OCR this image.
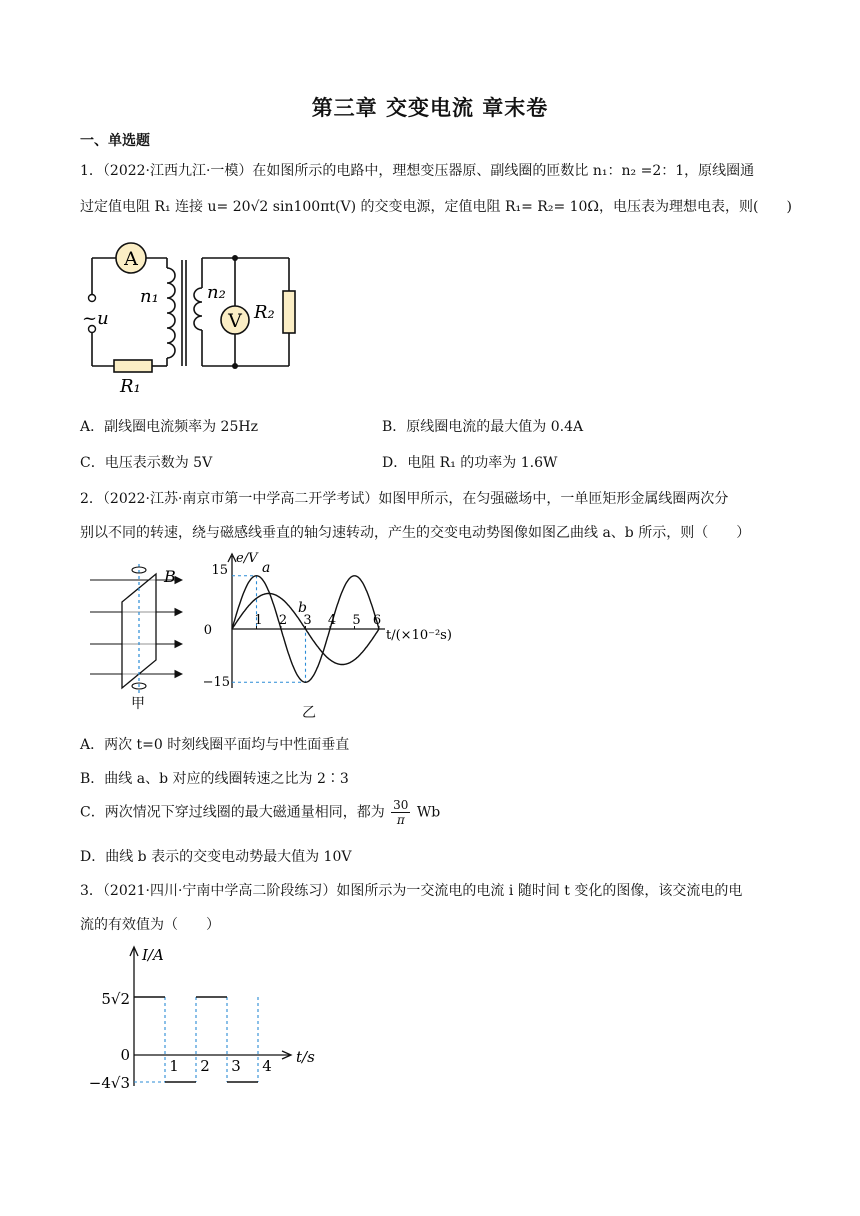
第三章 交变电流 章末卷
一、单选题
1．（2022·江西九江·一模）在如图所示的电路中，理想变压器原、副线圈的匝数比 n₁：n₂ =2：1，原线圈通
过定值电阻 R₁ 连接 u= 20√2 sin100πt(V) 的交变电源，定值电阻 R₁= R₂= 10Ω，电压表为理想电表，则(　　)
A
V
~u
n₁	n₂
R₂
R₁
A．副线圈电流频率为 25Hz	B．原线圈电流的最大值为 0.4A
C．电压表示数为 5V	D．电阻 R₁ 的功率为 1.6W
2．（2022·江苏·南京市第一中学高二开学考试）如图甲所示，在匀强磁场中，一单匝矩形金属线圈两次分
别以不同的转速，绕与磁感线垂直的轴匀速转动，产生的交变电动势图像如图乙曲线 a、b 所示，则（　　）
B
甲
1 2 3 4 5 6
0
15
−15
e/V
t/(×10⁻²s)
a
b
乙
A．两次 t=0 时刻线圈平面均与中性面垂直
B．曲线 a、b 对应的线圈转速之比为 2∶3
C．两次情况下穿过线圈的最大磁通量相同，都为 $\frac{30}{\pi}$ Wb
D．曲线 b 表示的交变电动势最大值为 10V
3．（2021·四川·宁南中学高二阶段练习）如图所示为一交流电的电流 i 随时间 t 变化的图像，该交流电的电
流的有效值为（　　）
1 2 3 4
0
5√2
−4√3
I/A
t/s
